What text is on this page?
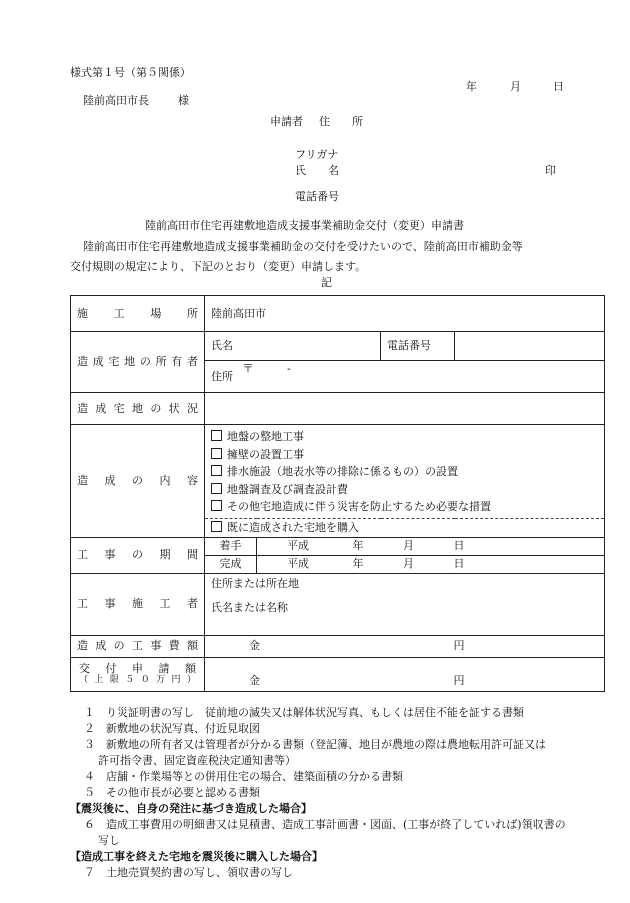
様式第１号（第５関係）
年	月	日
陸前高田市長	様
申請者 住　　所
フリガナ
氏　　名	印
電話番号
陸前高田市住宅再建敷地造成支援事業補助金交付（変更）申請書
陸前高田市住宅再建敷地造成支援事業補助金の交付を受けたいので、陸前高田市補助金等
交付規則の規定により、下記のとおり（変更）申請します。
記
施工場所	陸前高田市			
造成宅地の所有者	氏名		電話番号	
	住所 〒 -			
造成宅地の状況				
造成の内容	地盤の整地工事
擁壁の設置工事
排水施設（地表水等の排除に係るもの）の設置
地盤調査及び調査設計費
その他宅地造成に伴う災害を防止するため必要な措置			

	既に造成された宅地を購入			
工事の期間	着手	平成 年 月 日		
	完成	平成 年 月 日		
工事施工者	住所または所在地
氏名または名称			

造成の工事費額	金 円			

交付申請額
（上限５０万円）	金 円			
１　り災証明書の写し　従前地の滅失又は解体状況写真、もしくは居住不能を証する書類
２　新敷地の状況写真、付近見取図
３　新敷地の所有者又は管理者が分かる書類（登記簿、地目が農地の際は農地転用許可証又は
許可指令書、固定資産税決定通知書等）
４　店舗・作業場等との併用住宅の場合、建築面積の分かる書類
５　その他市長が必要と認める書類
【震災後に、自身の発注に基づき造成した場合】
６　造成工事費用の明細書又は見積書、造成工事計画書・図面、(工事が終了していれば)領収書の
写し
【造成工事を終えた宅地を震災後に購入した場合】
７　土地売買契約書の写し、領収書の写し
